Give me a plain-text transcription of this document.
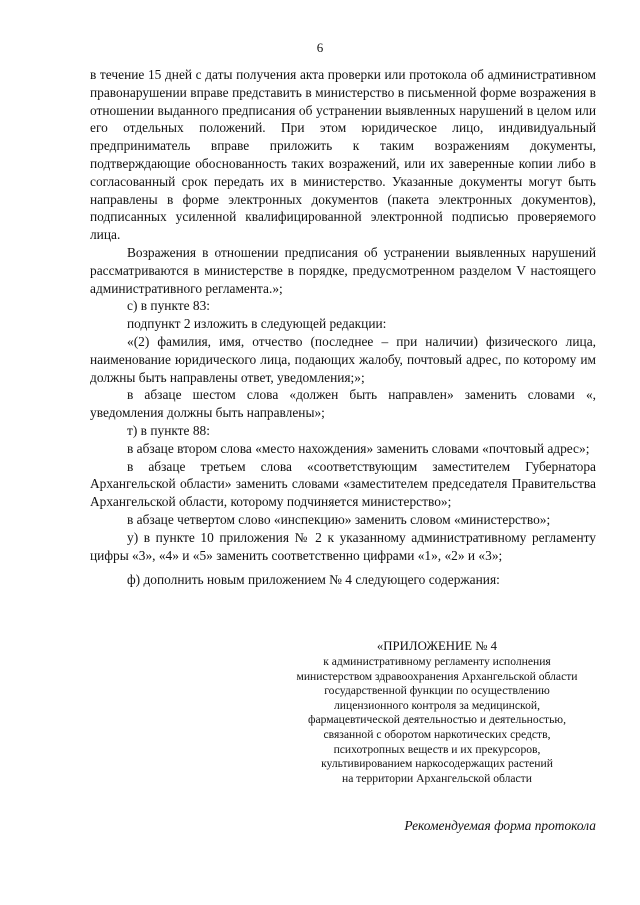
6

в течение 15 дней с даты получения акта проверки или протокола об административном правонарушении вправе представить в министерство в письменной форме возражения в отношении выданного предписания об устранении выявленных нарушений в целом или его отдельных положений. При этом юридическое лицо, индивидуальный предприниматель вправе приложить к таким возражениям документы, подтверждающие обоснованность таких возражений, или их заверенные копии либо в согласованный срок передать их в министерство. Указанные документы могут быть направлены в форме электронных документов (пакета электронных документов), подписанных усиленной квалифицированной электронной подписью проверяемого лица.

Возражения в отношении предписания об устранении выявленных нарушений рассматриваются в министерстве в порядке, предусмотренном разделом V настоящего административного регламента.»;

с) в пункте 83:

подпункт 2 изложить в следующей редакции:

«(2) фамилия, имя, отчество (последнее – при наличии) физического лица, наименование юридического лица, подающих жалобу, почтовый адрес, по которому им должны быть направлены ответ, уведомления;»;

в абзаце шестом слова «должен быть направлен» заменить словами «, уведомления должны быть направлены»;

т) в пункте 88:

в абзаце втором слова «место нахождения» заменить словами «почтовый адрес»;

в абзаце третьем слова «соответствующим заместителем Губернатора Архангельской области» заменить словами «заместителем председателя Правительства Архангельской области, которому подчиняется министерство»;

в абзаце четвертом слово «инспекцию» заменить словом «министерство»;

у) в пункте 10 приложения № 2 к указанному административному регламенту цифры «3», «4» и «5» заменить соответственно цифрами «1», «2» и «3»;

ф) дополнить новым приложением № 4 следующего содержания:

«ПРИЛОЖЕНИЕ № 4
к административному регламенту исполнения
министерством здравоохранения Архангельской области
государственной функции по осуществлению
лицензионного контроля за медицинской,
фармацевтической деятельностью и деятельностью,
связанной с оборотом наркотических средств,
психотропных веществ и их прекурсоров,
культивированием наркосодержащих растений
на территории Архангельской области
Рекомендуемая форма протокола
